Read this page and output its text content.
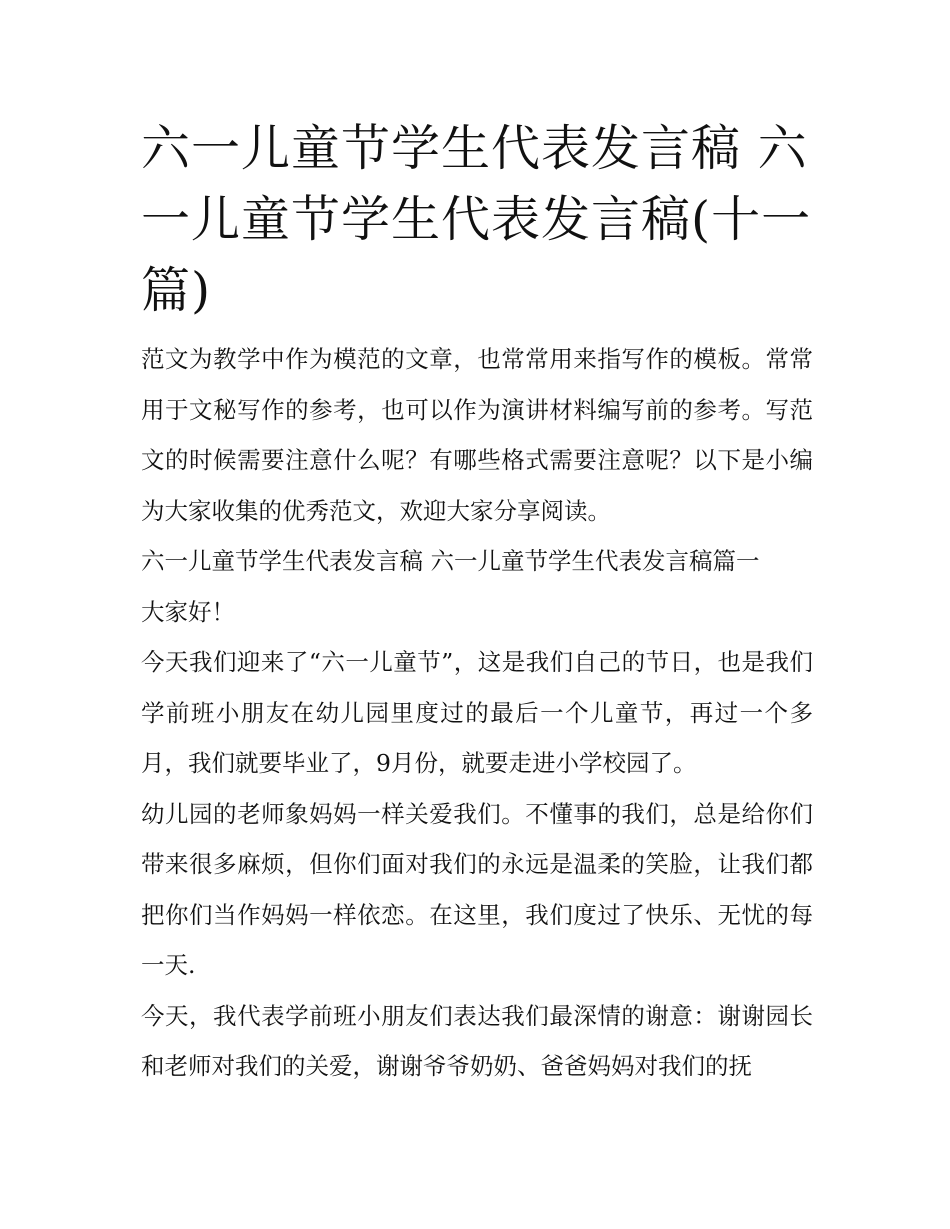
六一儿童节学生代表发言稿 六一儿童节学生代表发言稿(十一篇)

范文为教学中作为模范的文章，也常常用来指写作的模板。常常用于文秘写作的参考，也可以作为演讲材料编写前的参考。写范文的时候需要注意什么呢？有哪些格式需要注意呢？以下是小编为大家收集的优秀范文，欢迎大家分享阅读。

六一儿童节学生代表发言稿 六一儿童节学生代表发言稿篇一

大家好！

今天我们迎来了“六一儿童节”，这是我们自己的节日，也是我们学前班小朋友在幼儿园里度过的最后一个儿童节，再过一个多月，我们就要毕业了，9月份，就要走进小学校园了。

幼儿园的老师象妈妈一样关爱我们。不懂事的我们，总是给你们带来很多麻烦，但你们面对我们的永远是温柔的笑脸，让我们都把你们当作妈妈一样依恋。在这里，我们度过了快乐、无忧的每一天.

今天，我代表学前班小朋友们表达我们最深情的谢意：谢谢园长和老师对我们的关爱，谢谢爷爷奶奶、爸爸妈妈对我们的抚
